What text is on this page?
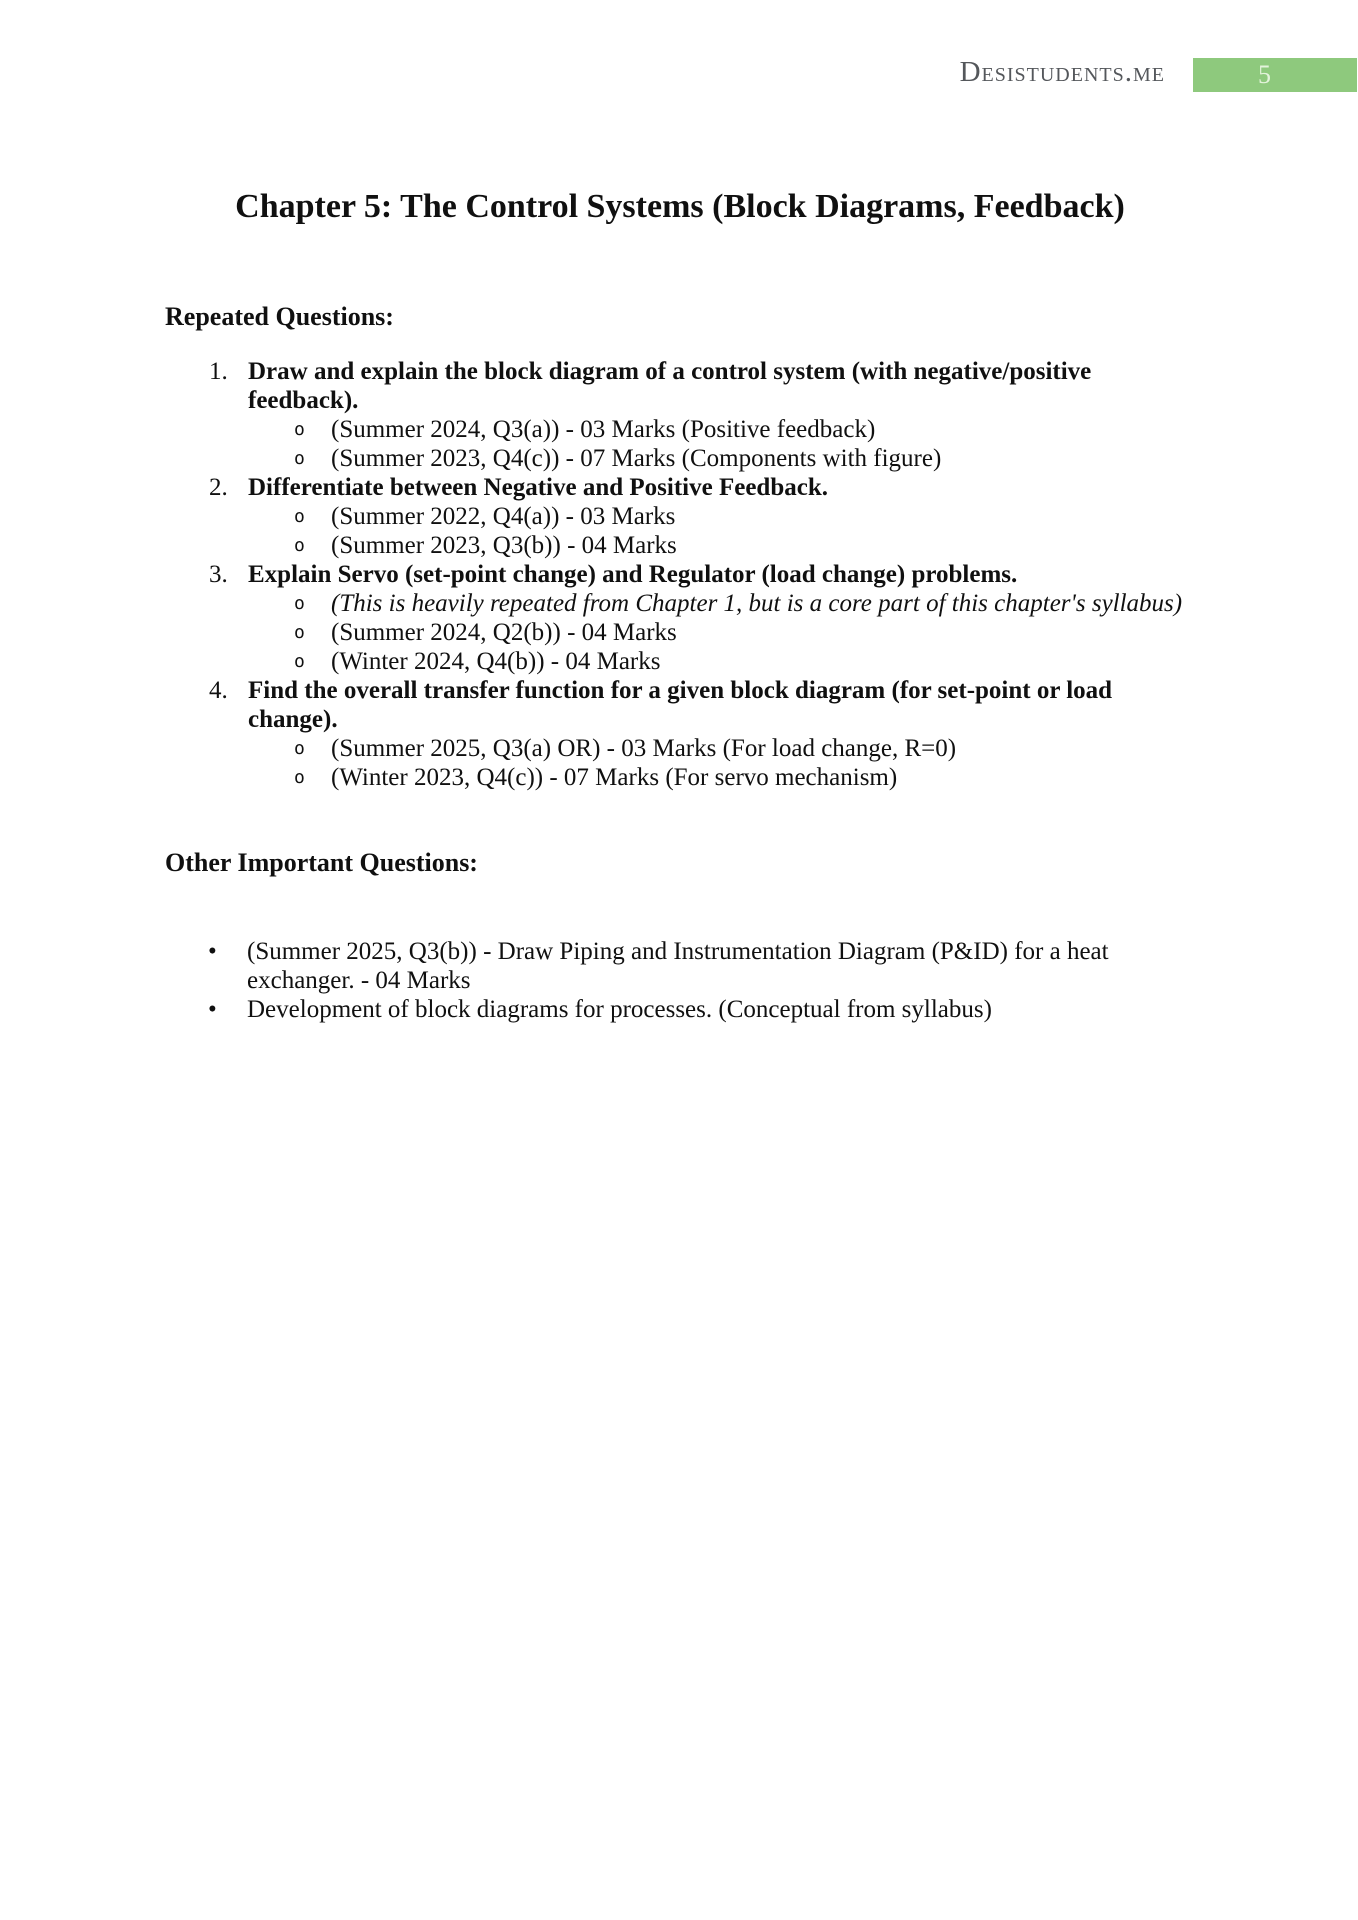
Desistudents.me	5
Chapter 5: The Control Systems (Block Diagrams, Feedback)
Repeated Questions:
1. Draw and explain the block diagram of a control system (with negative/positive feedback).
o	(Summer 2024, Q3(a)) - 03 Marks (Positive feedback)
o	(Summer 2023, Q4(c)) - 07 Marks (Components with figure)
2. Differentiate between Negative and Positive Feedback.
o	(Summer 2022, Q4(a)) - 03 Marks
o	(Summer 2023, Q3(b)) - 04 Marks
3. Explain Servo (set-point change) and Regulator (load change) problems.
o	(This is heavily repeated from Chapter 1, but is a core part of this chapter's syllabus)
o	(Summer 2024, Q2(b)) - 04 Marks
o	(Winter 2024, Q4(b)) - 04 Marks
4. Find the overall transfer function for a given block diagram (for set-point or load change).
o	(Summer 2025, Q3(a) OR) - 03 Marks (For load change, R=0)
o	(Winter 2023, Q4(c)) - 07 Marks (For servo mechanism)
Other Important Questions:
•	(Summer 2025, Q3(b)) - Draw Piping and Instrumentation Diagram (P&ID) for a heat exchanger. - 04 Marks
•	Development of block diagrams for processes. (Conceptual from syllabus)
